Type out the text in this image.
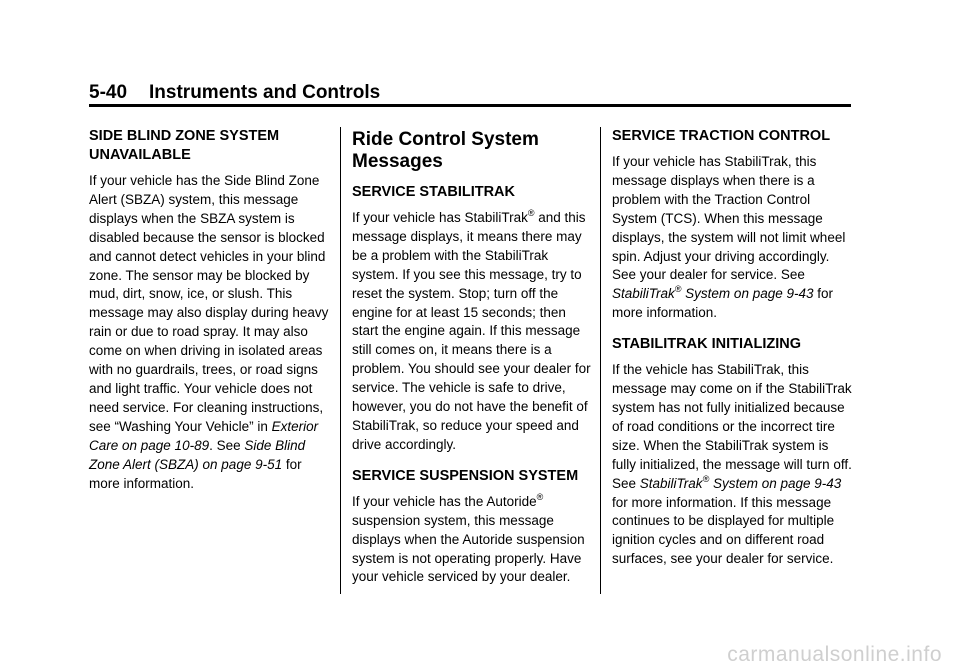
5-40 Instruments and Controls
SIDE BLIND ZONE SYSTEM UNAVAILABLE

If your vehicle has the Side Blind Zone Alert (SBZA) system, this message displays when the SBZA system is disabled because the sensor is blocked and cannot detect vehicles in your blind zone. The sensor may be blocked by mud, dirt, snow, ice, or slush. This message may also display during heavy rain or due to road spray. It may also come on when driving in isolated areas with no guardrails, trees, or road signs and light traffic. Your vehicle does not need service. For cleaning instructions, see “Washing Your Vehicle” in Exterior Care on page 10-89. See Side Blind Zone Alert (SBZA) on page 9-51 for more information.

Ride Control System Messages
SERVICE STABILITRAK

If your vehicle has StabiliTrak® and this message displays, it means there may be a problem with the StabiliTrak system. If you see this message, try to reset the system. Stop; turn off the engine for at least 15 seconds; then start the engine again. If this message still comes on, it means there is a problem. You should see your dealer for service. The vehicle is safe to drive, however, you do not have the benefit of StabiliTrak, so reduce your speed and drive accordingly.

SERVICE SUSPENSION SYSTEM

If your vehicle has the Autoride® suspension system, this message displays when the Autoride suspension system is not operating properly. Have your vehicle serviced by your dealer.

SERVICE TRACTION CONTROL

If your vehicle has StabiliTrak, this message displays when there is a problem with the Traction Control System (TCS). When this message displays, the system will not limit wheel spin. Adjust your driving accordingly. See your dealer for service. See StabiliTrak® System on page 9-43 for more information.

STABILITRAK INITIALIZING

If the vehicle has StabiliTrak, this message may come on if the StabiliTrak system has not fully initialized because of road conditions or the incorrect tire size. When the StabiliTrak system is fully initialized, the message will turn off. See StabiliTrak® System on page 9-43 for more information. If this message continues to be displayed for multiple ignition cycles and on different road surfaces, see your dealer for service.

carmanualsonline.info
